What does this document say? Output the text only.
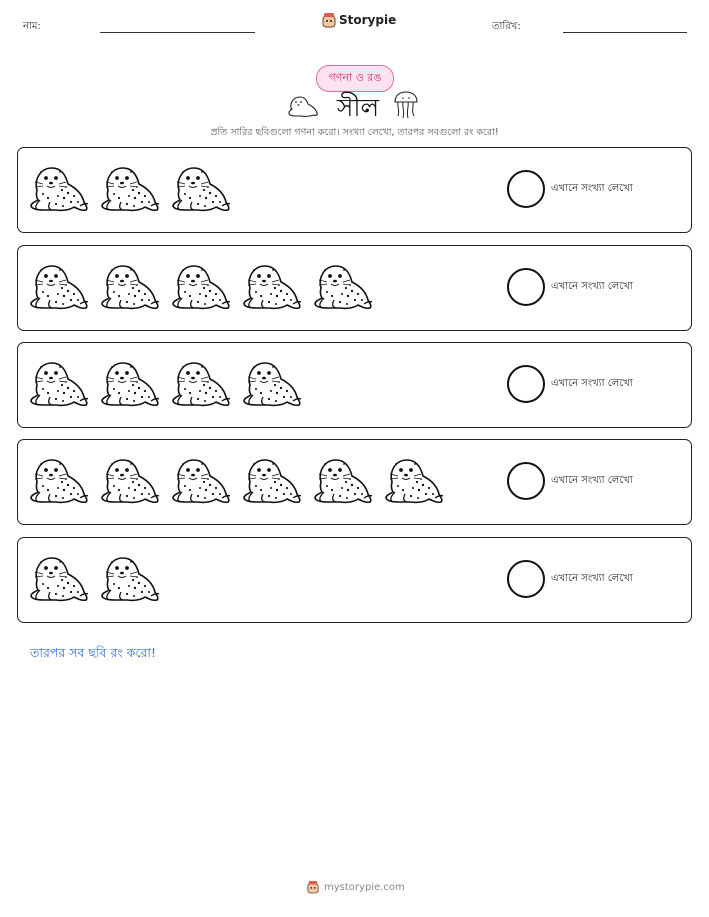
নাম:	Storypie	তারিখ:
গণনা ও রঙ
সীল
প্রতি সারির ছবিগুলো গণনা করো। সংখ্যা লেখো, তারপর সবগুলো রং করো!
এখানে সংখ্যা লেখো
এখানে সংখ্যা লেখো
এখানে সংখ্যা লেখো
এখানে সংখ্যা লেখো
এখানে সংখ্যা লেখো
তারপর সব ছবি রং করো!
mystorypie.com
